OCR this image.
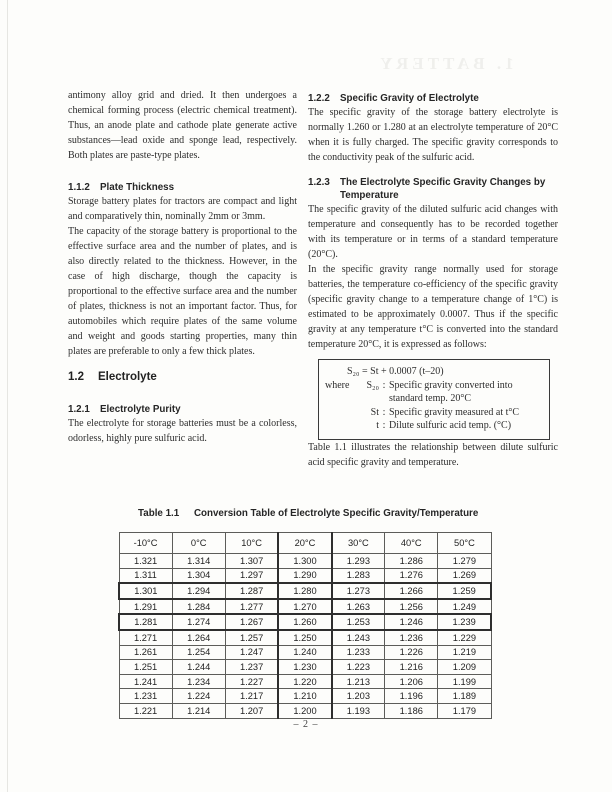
1. BATTERY

antimony alloy grid and dried. It then undergoes a chemical forming process (electric chemical treatment). Thus, an anode plate and cathode plate generate active substances—lead oxide and sponge lead, respectively. Both plates are paste-type plates.

1.1.2	Plate Thickness

Storage battery plates for tractors are compact and light and comparatively thin, nominally 2mm or 3mm.

The capacity of the storage battery is proportional to the effective surface area and the number of plates, and is also directly related to the thickness. However, in the case of high discharge, though the capacity is proportional to the effective surface area and the number of plates, thickness is not an important factor. Thus, for automobiles which require plates of the same volume and weight and goods starting properties, many thin plates are preferable to only a few thick plates.

1.2	Electrolyte
1.2.1	Electrolyte Purity

The electrolyte for storage batteries must be a colorless, odorless, highly pure sulfuric acid.

1.2.2	Specific Gravity of Electrolyte

The specific gravity of the storage battery electrolyte is normally 1.260 or 1.280 at an electrolyte temperature of 20°C when it is fully charged. The specific gravity corresponds to the conductivity peak of the sulfuric acid.

1.2.3	The Electrolyte Specific Gravity Changes by Temperature

The specific gravity of the diluted sulfuric acid changes with temperature and consequently has to be recorded together with its temperature or in terms of a standard temperature (20°C).

In the specific gravity range normally used for storage batteries, the temperature co-efficiency of the specific gravity (specific gravity change to a temperature change of 1°C) is estimated to be approximately 0.0007. Thus if the specific gravity at any temperature t°C is converted into the standard temperature 20°C, it is expressed as follows:

S₂₀ = St + 0.0007 (t–20)
where	S₂₀ : Specific gravity converted into standard temp. 20°C
St : Specific gravity measured at t°C
t : Dilute sulfuric acid temp. (°C)

Table 1.1 illustrates the relationship between dilute sulfuric acid specific gravity and temperature.

Table 1.1 Conversion Table of Electrolyte Specific Gravity/Temperature
-10°C	0°C	10°C	20°C	30°C	40°C	50°C
1.321	1.314	1.307	1.300	1.293	1.286	1.279
1.311	1.304	1.297	1.290	1.283	1.276	1.269
1.301	1.294	1.287	1.280	1.273	1.266	1.259
1.291	1.284	1.277	1.270	1.263	1.256	1.249
1.281	1.274	1.267	1.260	1.253	1.246	1.239
1.271	1.264	1.257	1.250	1.243	1.236	1.229
1.261	1.254	1.247	1.240	1.233	1.226	1.219
1.251	1.244	1.237	1.230	1.223	1.216	1.209
1.241	1.234	1.227	1.220	1.213	1.206	1.199
1.231	1.224	1.217	1.210	1.203	1.196	1.189
1.221	1.214	1.207	1.200	1.193	1.186	1.179
– 2 –
